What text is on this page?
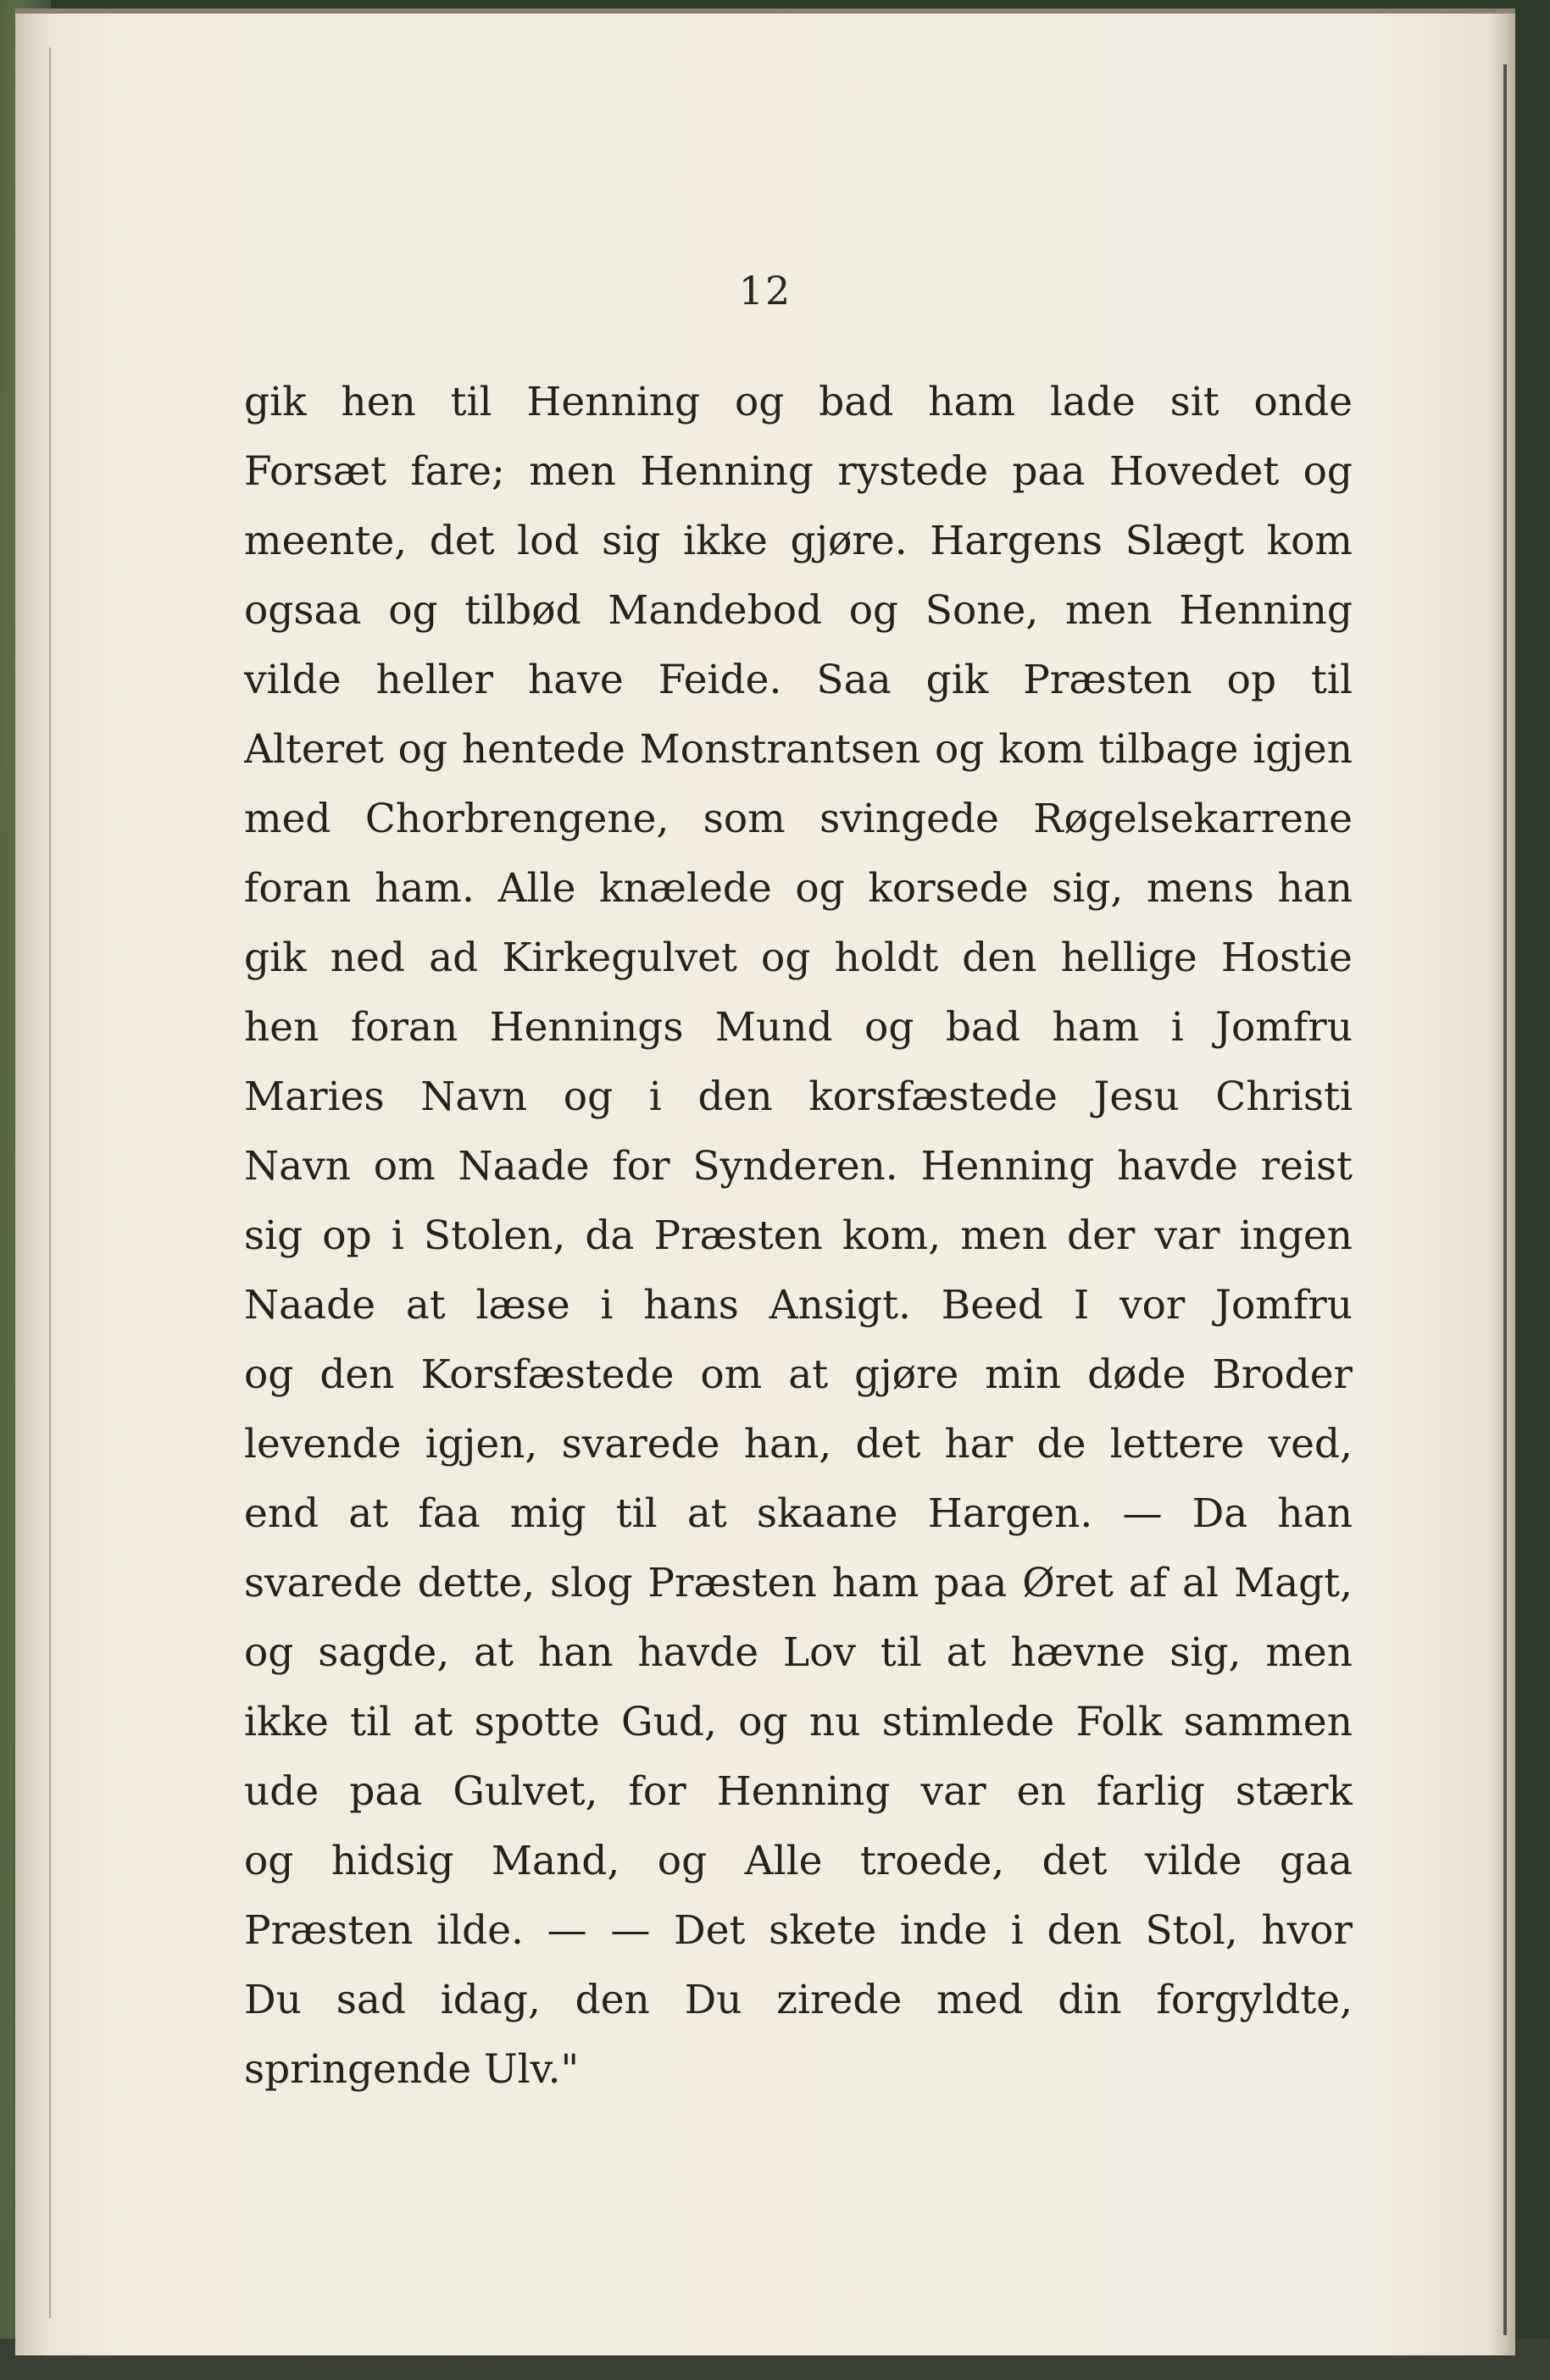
12
gik hen til Henning og bad ham lade sit onde
Forsæt fare; men Henning rystede paa Hovedet og
meente, det lod sig ikke gjøre. Hargens Slægt kom
ogsaa og tilbød Mandebod og Sone, men Henning
vilde heller have Feide. Saa gik Præsten op til
Alteret og hentede Monstrantsen og kom tilbage igjen
med Chorbrengene, som svingede Røgelsekarrene
foran ham. Alle knælede og korsede sig, mens han
gik ned ad Kirkegulvet og holdt den hellige Hostie
hen foran Hennings Mund og bad ham i Jomfru
Maries Navn og i den korsfæstede Jesu Christi
Navn om Naade for Synderen. Henning havde reist
sig op i Stolen, da Præsten kom, men der var ingen
Naade at læse i hans Ansigt. Beed I vor Jomfru
og den Korsfæstede om at gjøre min døde Broder
levende igjen, svarede han, det har de lettere ved,
end at faa mig til at skaane Hargen. — Da han
svarede dette, slog Præsten ham paa Øret af al Magt,
og sagde, at han havde Lov til at hævne sig, men
ikke til at spotte Gud, og nu stimlede Folk sammen
ude paa Gulvet, for Henning var en farlig stærk
og hidsig Mand, og Alle troede, det vilde gaa
Præsten ilde. — — Det skete inde i den Stol, hvor
Du sad idag, den Du zirede med din forgyldte,
springende Ulv."
